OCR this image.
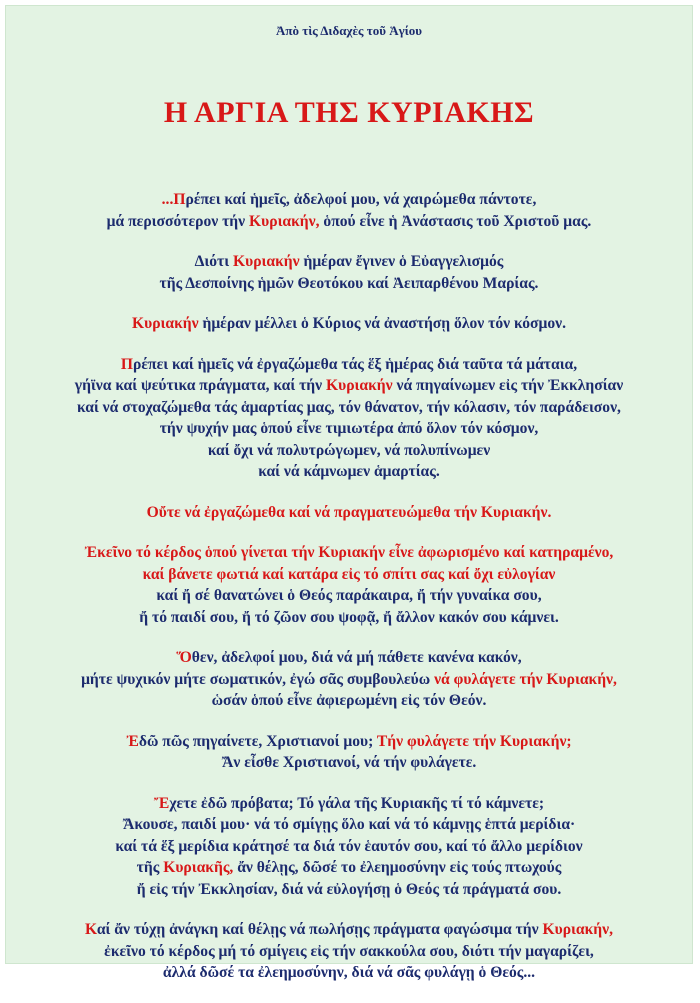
Ἀπὸ τὶς Διδαχὲς τοῦ Ἁγίου
Η ΑΡΓΙΑ ΤΗΣ ΚΥΡΙΑΚΗΣ
...Πρέπει καί ἡμεῖς, ἀδελφοί μου, νά χαιρώμεθα πάντοτε,
μά περισσότερον τήν Κυριακήν, ὁπού εἶνε ἡ Ἀνάστασις τοῦ Χριστοῦ μας.
Διότι Κυριακήν ἡμέραν ἔγινεν ὁ Εὐαγγελισμός
τῆς Δεσποίνης ἡμῶν Θεοτόκου καί Ἀειπαρθένου Μαρίας.
Κυριακήν ἡμέραν μέλλει ὁ Κύριος νά ἀναστήσῃ ὅλον τόν κόσμον.
Πρέπει καί ἡμεῖς νά ἐργαζώμεθα τάς ἕξ ἡμέρας διά ταῦτα τά μάταια,
γήϊνα καί ψεύτικα πράγματα, καί τήν Κυριακήν νά πηγαίνωμεν εἰς τήν Ἐκκλησίαν
καί νά στοχαζώμεθα τάς ἁμαρτίας μας, τόν θάνατον, τήν κόλασιν, τόν παράδεισον,
τήν ψυχήν μας ὁπού εἶνε τιμιωτέρα ἀπό ὅλον τόν κόσμον,
καί ὄχι νά πολυτρώγωμεν, νά πολυπίνωμεν
καί νά κάμνωμεν ἁμαρτίας.
Οὔτε νά ἐργαζώμεθα καί νά πραγματευώμεθα τήν Κυριακήν.
Ἐκεῖνο τό κέρδος ὁπού γίνεται τήν Κυριακήν εἶνε ἀφωρισμένο καί κατηραμένο,
καί βάνετε φωτιά καί κατάρα εἰς τό σπίτι σας καί ὄχι εὐλογίαν
καί ἤ σέ θανατώνει ὁ Θεός παράκαιρα, ἤ τήν γυναίκα σου,
ἤ τό παιδί σου, ἤ τό ζῶον σου ψοφᾷ, ἤ ἄλλον κακόν σου κάμνει.
Ὅθεν, ἀδελφοί μου, διά νά μή πάθετε κανένα κακόν,
μήτε ψυχικόν μήτε σωματικόν, ἐγώ σᾶς συμβουλεύω νά φυλάγετε τήν Κυριακήν,
ὡσάν ὁπού εἶνε ἀφιερωμένη εἰς τόν Θεόν.
Ἐδῶ πῶς πηγαίνετε, Χριστιανοί μου; Τήν φυλάγετε τήν Κυριακήν;
Ἄν εἶσθε Χριστιανοί, νά τήν φυλάγετε.
Ἔχετε ἐδῶ πρόβατα; Τό γάλα τῆς Κυριακῆς τί τό κάμνετε;
Ἄκουσε, παιδί μου· νά τό σμίγῃς ὅλο καί νά τό κάμνῃς ἑπτά μερίδια·
καί τά ἕξ μερίδια κράτησέ τα διά τόν ἑαυτόν σου, καί τό ἄλλο μερίδιον
τῆς Κυριακῆς, ἄν θέλῃς, δῶσέ το ἐλεημοσύνην εἰς τούς πτωχούς
ἤ εἰς τήν Ἐκκλησίαν, διά νά εὐλογήσῃ ὁ Θεός τά πράγματά σου.
Καί ἄν τύχῃ ἀνάγκη καί θέλῃς νά πωλήσῃς πράγματα φαγώσιμα τήν Κυριακήν,
ἐκεῖνο τό κέρδος μή τό σμίγεις εἰς τήν σακκούλα σου, διότι τήν μαγαρίζει,
ἀλλά δῶσέ τα ἐλεημοσύνην, διά νά σᾶς φυλάγῃ ὁ Θεός...
